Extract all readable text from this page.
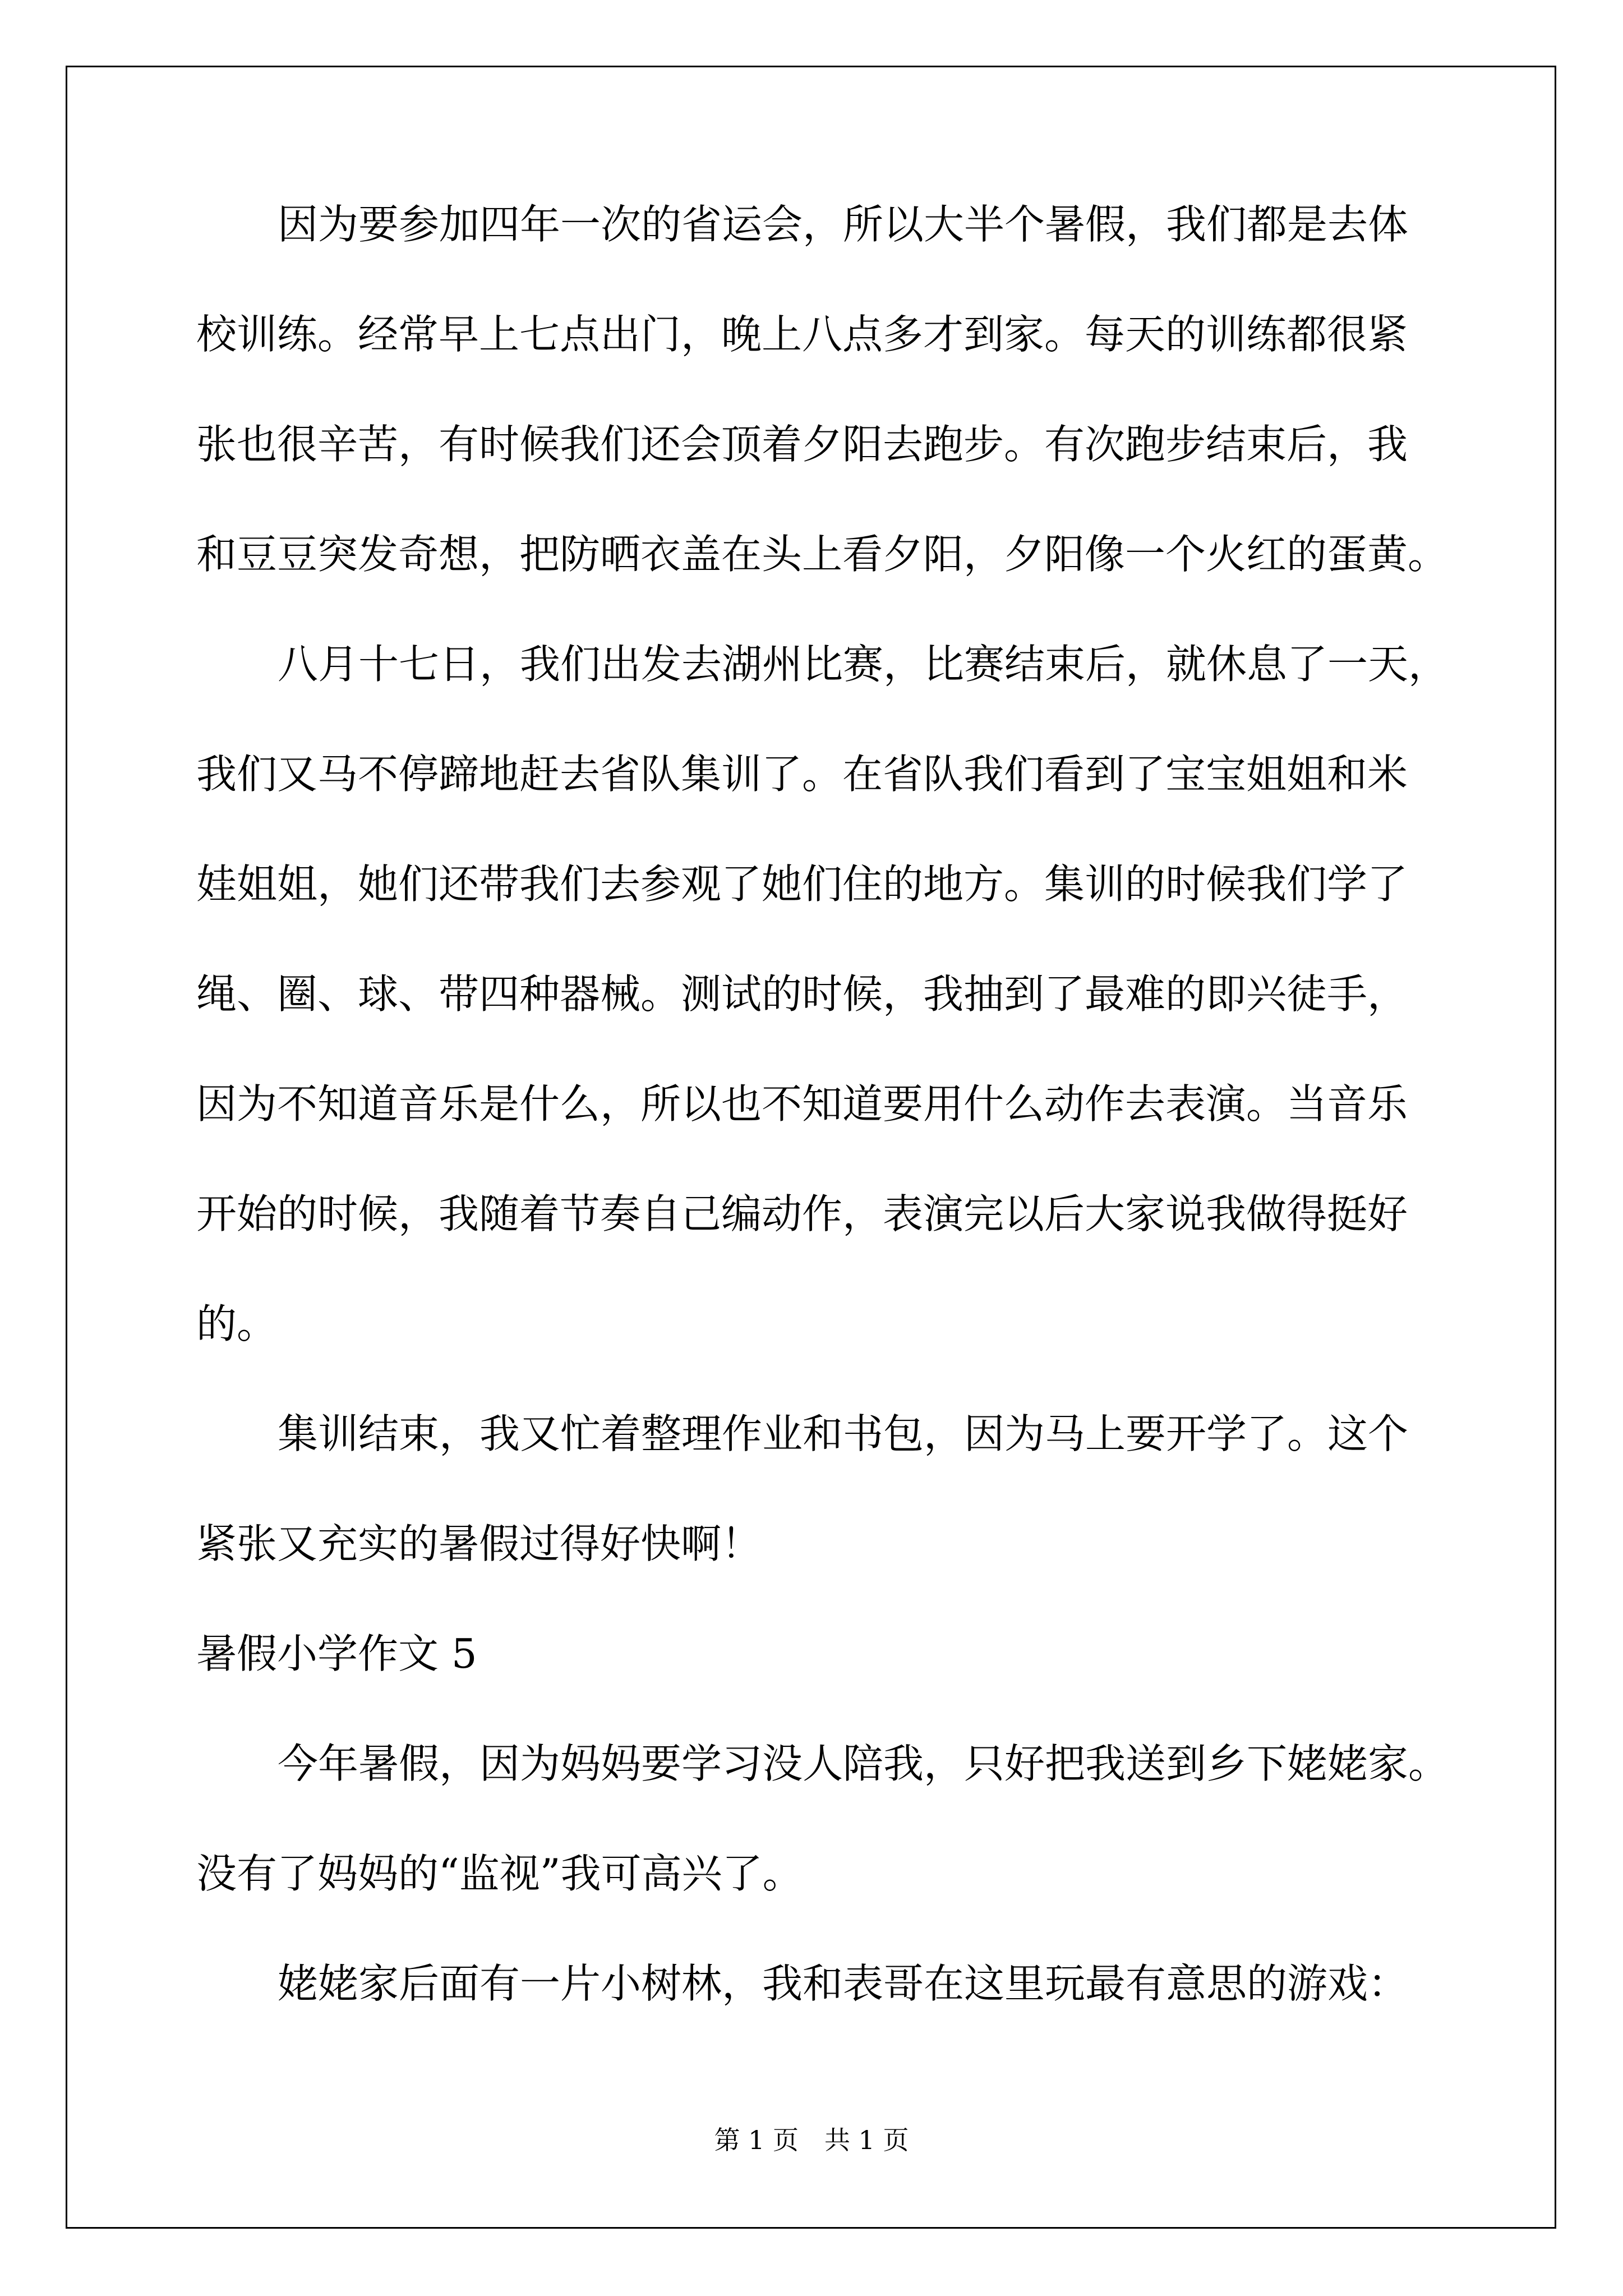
因为要参加四年一次的省运会，所以大半个暑假，我们都是去体
校训练。经常早上七点出门，晚上八点多才到家。每天的训练都很紧
张也很辛苦，有时候我们还会顶着夕阳去跑步。有次跑步结束后，我
和豆豆突发奇想，把防晒衣盖在头上看夕阳，夕阳像一个火红的蛋黄。
八月十七日，我们出发去湖州比赛，比赛结束后，就休息了一天，
我们又马不停蹄地赶去省队集训了。在省队我们看到了宝宝姐姐和米
娃姐姐，她们还带我们去参观了她们住的地方。集训的时候我们学了
绳、圈、球、带四种器械。测试的时候，我抽到了最难的即兴徒手，
因为不知道音乐是什么，所以也不知道要用什么动作去表演。当音乐
开始的时候，我随着节奏自己编动作，表演完以后大家说我做得挺好
的。
集训结束，我又忙着整理作业和书包，因为马上要开学了。这个
紧张又充实的暑假过得好快啊！
暑假小学作文 5
今年暑假，因为妈妈要学习没人陪我，只好把我送到乡下姥姥家。
没有了妈妈的“监视”我可高兴了。
姥姥家后面有一片小树林，我和表哥在这里玩最有意思的游戏：
第 1 页　共 1 页
